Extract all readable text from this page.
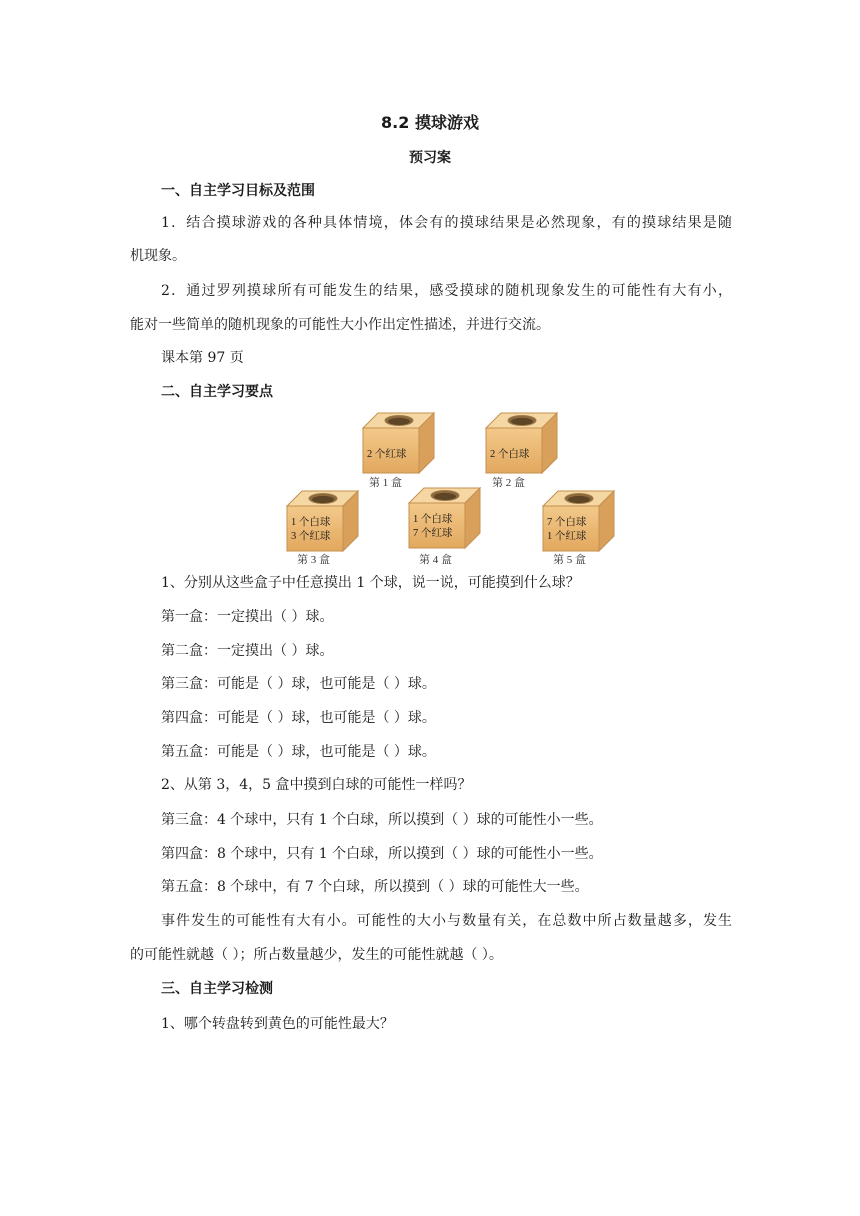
8.2 摸球游戏
预习案
一、自主学习目标及范围
1．结合摸球游戏的各种具体情境，体会有的摸球结果是必然现象，有的摸球结果是随
机现象。
2．通过罗列摸球所有可能发生的结果，感受摸球的随机现象发生的可能性有大有小，
能对一些简单的随机现象的可能性大小作出定性描述，并进行交流。
课本第 97 页
二、自主学习要点
2 个红球
第 1 盒
2 个白球
第 2 盒
1 个白球
3 个红球
第 3 盒
1 个白球
7 个红球
第 4 盒
7 个白球
1 个红球
第 5 盒
1、分别从这些盒子中任意摸出 1 个球，说一说，可能摸到什么球？
第一盒：一定摸出（ ）球。
第二盒：一定摸出（ ）球。
第三盒：可能是（ ）球，也可能是（ ）球。
第四盒：可能是（ ）球，也可能是（ ）球。
第五盒：可能是（ ）球，也可能是（ ）球。
2、从第 3，4，5 盒中摸到白球的可能性一样吗？
第三盒：4 个球中，只有 1 个白球，所以摸到（ ）球的可能性小一些。
第四盒：8 个球中，只有 1 个白球，所以摸到（ ）球的可能性小一些。
第五盒：8 个球中，有 7 个白球，所以摸到（ ）球的可能性大一些。
事件发生的可能性有大有小。可能性的大小与数量有关，在总数中所占数量越多，发生
的可能性就越（ ）；所占数量越少，发生的可能性就越（ ）。
三、自主学习检测
1、哪个转盘转到黄色的可能性最大？
